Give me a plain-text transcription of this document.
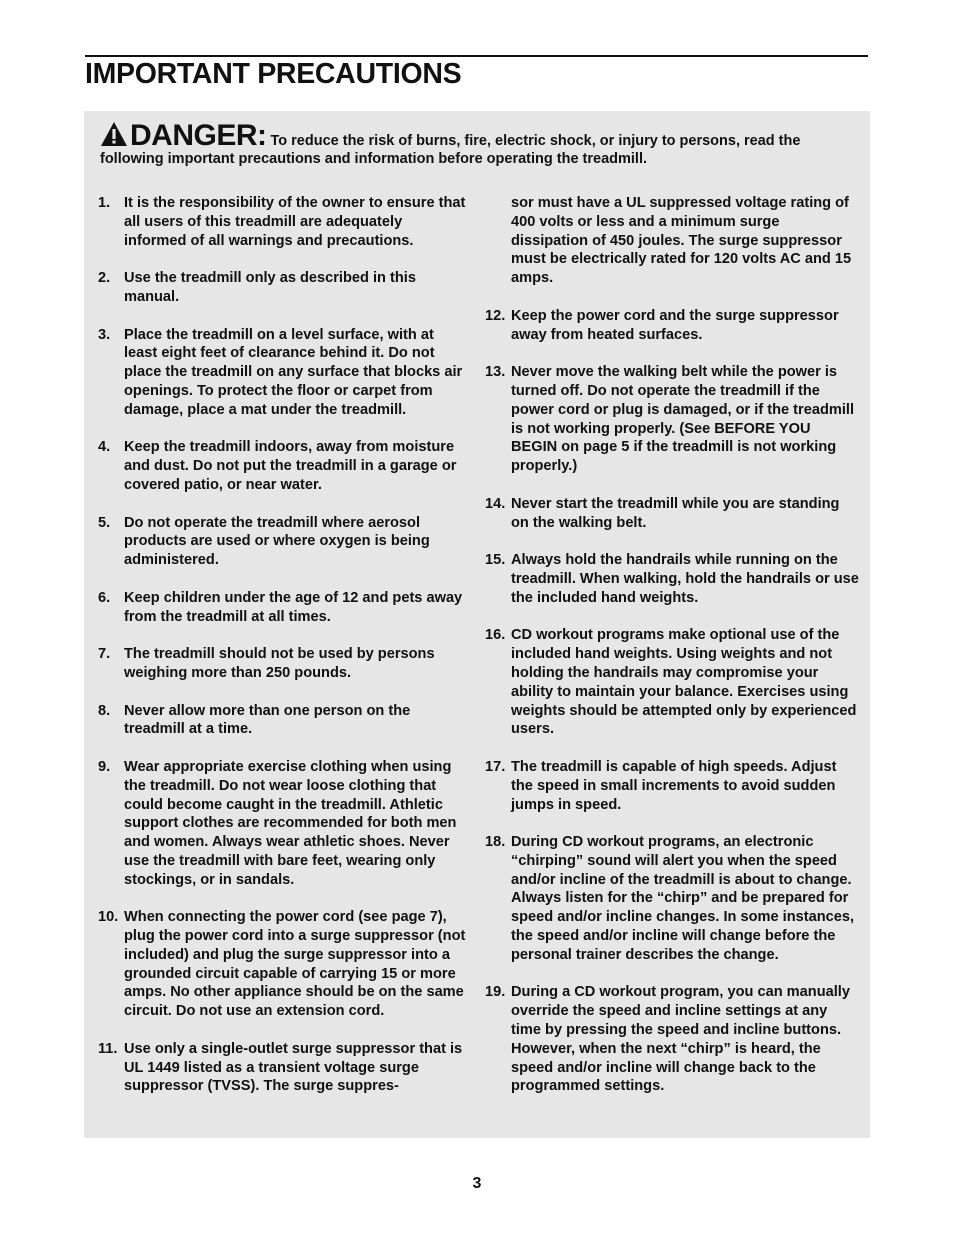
IMPORTANT PRECAUTIONS
DANGER: To reduce the risk of burns, fire, electric shock, or injury to persons, read the following important precautions and information before operating the treadmill.
1. It is the responsibility of the owner to ensure that all users of this treadmill are adequately informed of all warnings and precautions.
2. Use the treadmill only as described in this manual.
3. Place the treadmill on a level surface, with at least eight feet of clearance behind it. Do not place the treadmill on any surface that blocks air openings. To protect the floor or carpet from damage, place a mat under the treadmill.
4. Keep the treadmill indoors, away from moisture and dust. Do not put the treadmill in a garage or covered patio, or near water.
5. Do not operate the treadmill where aerosol products are used or where oxygen is being administered.
6. Keep children under the age of 12 and pets away from the treadmill at all times.
7. The treadmill should not be used by persons weighing more than 250 pounds.
8. Never allow more than one person on the treadmill at a time.
9. Wear appropriate exercise clothing when using the treadmill. Do not wear loose clothing that could become caught in the treadmill. Athletic support clothes are recommended for both men and women. Always wear athletic shoes. Never use the treadmill with bare feet, wearing only stockings, or in sandals.
10. When connecting the power cord (see page 7), plug the power cord into a surge suppressor (not included) and plug the surge suppressor into a grounded circuit capable of carrying 15 or more amps. No other appliance should be on the same circuit. Do not use an extension cord.
11. Use only a single-outlet surge suppressor that is UL 1449 listed as a transient voltage surge suppressor (TVSS). The surge suppres-
sor must have a UL suppressed voltage rating of 400 volts or less and a minimum surge dissipation of 450 joules. The surge suppressor must be electrically rated for 120 volts AC and 15 amps.
12. Keep the power cord and the surge suppressor away from heated surfaces.
13. Never move the walking belt while the power is turned off. Do not operate the treadmill if the power cord or plug is damaged, or if the treadmill is not working properly. (See BEFORE YOU BEGIN on page 5 if the treadmill is not working properly.)
14. Never start the treadmill while you are standing on the walking belt.
15. Always hold the handrails while running on the treadmill. When walking, hold the handrails or use the included hand weights.
16. CD workout programs make optional use of the included hand weights. Using weights and not holding the handrails may compromise your ability to maintain your balance. Exercises using weights should be attempted only by experienced users.
17. The treadmill is capable of high speeds. Adjust the speed in small increments to avoid sudden jumps in speed.
18. During CD workout programs, an electronic “chirping” sound will alert you when the speed and/or incline of the treadmill is about to change. Always listen for the “chirp” and be prepared for speed and/or incline changes. In some instances, the speed and/or incline will change before the personal trainer describes the change.
19. During a CD workout program, you can manually override the speed and incline settings at any time by pressing the speed and incline buttons. However, when the next “chirp” is heard, the speed and/or incline will change back to the programmed settings.
3
